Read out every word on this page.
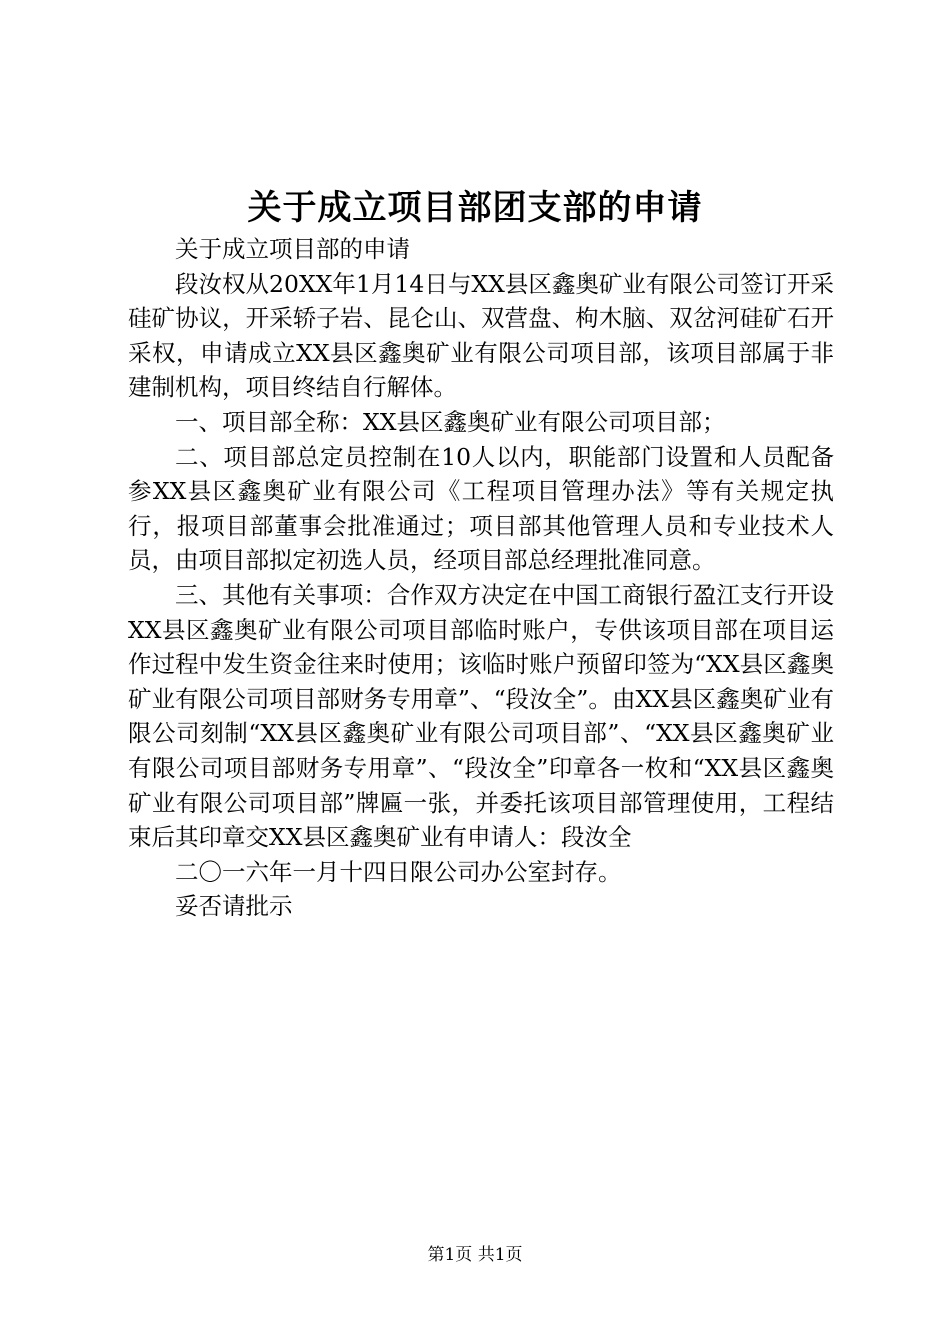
关于成立项目部团支部的申请

关于成立项目部的申请

段汝权从20XX年1月14日与XX县区鑫奥矿业有限公司签订开采硅矿协议，开采轿子岩、昆仑山、双营盘、枸木脑、双岔河硅矿石开采权，申请成立XX县区鑫奥矿业有限公司项目部，该项目部属于非建制机构，项目终结自行解体。

一、项目部全称：XX县区鑫奥矿业有限公司项目部；

二、项目部总定员控制在10人以内，职能部门设置和人员配备参XX县区鑫奥矿业有限公司《工程项目管理办法》等有关规定执行，报项目部董事会批准通过；项目部其他管理人员和专业技术人员，由项目部拟定初选人员，经项目部总经理批准同意。

三、其他有关事项：合作双方决定在中国工商银行盈江支行开设XX县区鑫奥矿业有限公司项目部临时账户，专供该项目部在项目运作过程中发生资金往来时使用；该临时账户预留印签为“XX县区鑫奥矿业有限公司项目部财务专用章”、“段汝全”。由XX县区鑫奥矿业有限公司刻制“XX县区鑫奥矿业有限公司项目部”、“XX县区鑫奥矿业有限公司项目部财务专用章”、“段汝全”印章各一枚和“XX县区鑫奥矿业有限公司项目部”牌匾一张，并委托该项目部管理使用，工程结束后其印章交XX县区鑫奥矿业有申请人：段汝全

二〇一六年一月十四日限公司办公室封存。

妥否请批示

第1页 共1页
